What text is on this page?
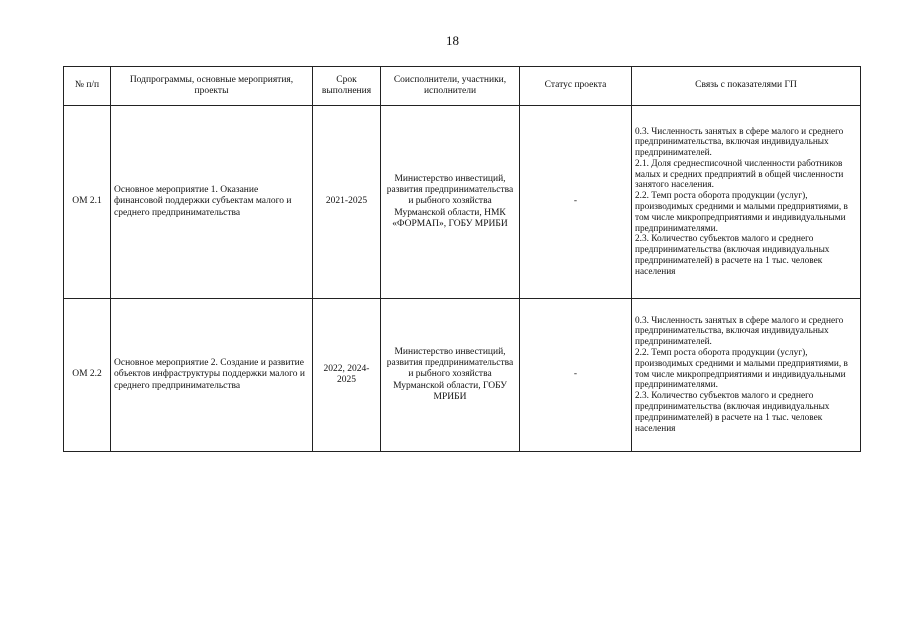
18
№ п/п	Подпрограммы, основные мероприятия, проекты	Срок выполнения	Соисполнители, участники, исполнители	Статус проекта	Связь с показателями ГП
ОМ 2.1	Основное мероприятие 1. Оказание финансовой поддержки субъектам малого и среднего предпринимательства	2021-2025	Министерство инвестиций, развития предпринимательства и рыбного хозяйства Мурманской области, НМК «ФОРМАП», ГОБУ МРИБИ	-	0.3. Численность занятых в сфере малого и среднего предпринимательства, включая индивидуальных предпринимателей.
2.1. Доля среднесписочной численности работников малых и средних предприятий в общей численности занятого населения.
2.2. Темп роста оборота продукции (услуг), производимых средними и малыми предприятиями, в том числе микропредприятиями и индивидуальными предпринимателями.
2.3. Количество субъектов малого и среднего предпринимательства (включая индивидуальных предпринимателей) в расчете на 1 тыс. человек населения

ОМ 2.2	Основное мероприятие 2. Создание и развитие объектов инфраструктуры поддержки малого и среднего предпринимательства	2022, 2024-2025	Министерство инвестиций, развития предпринимательства и рыбного хозяйства Мурманской области, ГОБУ МРИБИ	-	0.3. Численность занятых в сфере малого и среднего предпринимательства, включая индивидуальных предпринимателей.
2.2. Темп роста оборота продукции (услуг), производимых средними и малыми предприятиями, в том числе микропредприятиями и индивидуальными предпринимателями.
2.3. Количество субъектов малого и среднего предпринимательства (включая индивидуальных предпринимателей) в расчете на 1 тыс. человек населения
